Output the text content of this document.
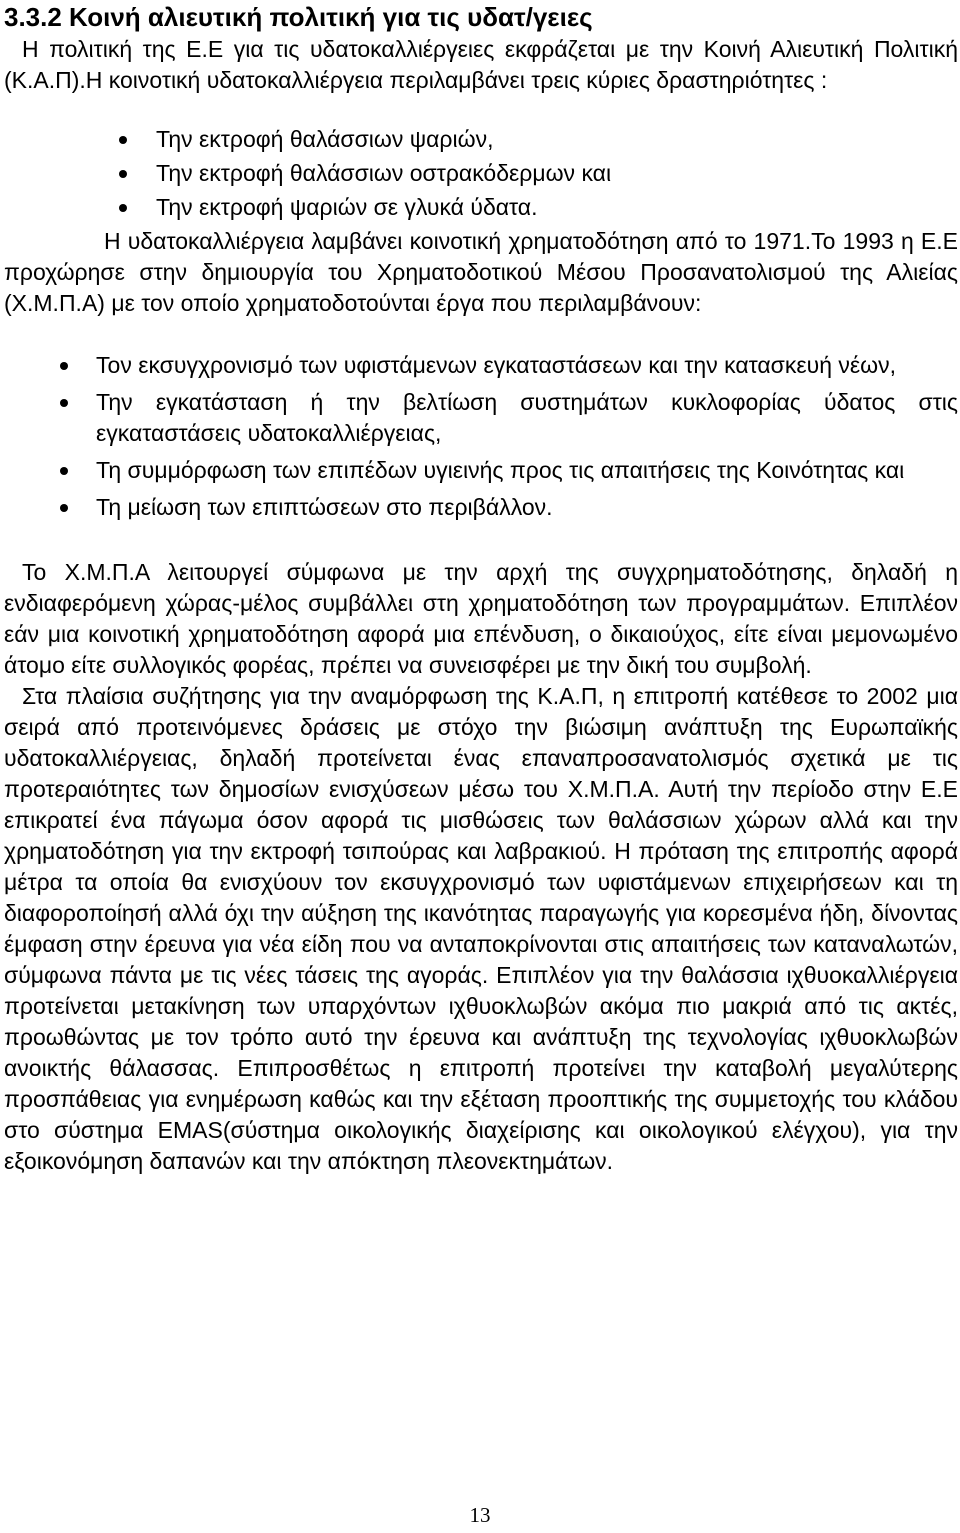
3.3.2 Κοινή αλιευτική πολιτική για τις υδατ/γειες

Η πολιτική της Ε.Ε για τις υδατοκαλλιέργειες εκφράζεται με την Κοινή Αλιευτική Πολιτική (Κ.Α.Π).Η κοινοτική υδατοκαλλιέργεια περιλαμβάνει τρεις κύριες δραστηριότητες :

Την εκτροφή θαλάσσιων ψαριών,
Την εκτροφή θαλάσσιων οστρακόδερμων και
Την εκτροφή ψαριών σε γλυκά ύδατα.

Η υδατοκαλλιέργεια λαμβάνει κοινοτική χρηματοδότηση από το 1971.Το 1993 η Ε.Ε προχώρησε στην δημιουργία του Χρηματοδοτικού Μέσου Προσανατολισμού της Αλιείας (Χ.Μ.Π.Α) με τον οποίο χρηματοδοτούνται έργα που περιλαμβάνουν:

Τον εκσυγχρονισμό των υφιστάμενων εγκαταστάσεων και την κατασκευή νέων,
Την εγκατάσταση ή την βελτίωση συστημάτων κυκλοφορίας ύδατος στις εγκαταστάσεις υδατοκαλλιέργειας,
Τη συμμόρφωση των επιπέδων υγιεινής προς τις απαιτήσεις της Κοινότητας και
Τη μείωση των επιπτώσεων στο περιβάλλον.

Το Χ.Μ.Π.Α λειτουργεί σύμφωνα με την αρχή της συγχρηματοδότησης, δηλαδή η ενδιαφερόμενη χώρας-μέλος συμβάλλει στη χρηματοδότηση των προγραμμάτων. Επιπλέον εάν μια κοινοτική χρηματοδότηση αφορά μια επένδυση, ο δικαιούχος, είτε είναι μεμονωμένο άτομο είτε συλλογικός φορέας, πρέπει να συνεισφέρει με την δική του συμβολή.

Στα πλαίσια συζήτησης για την αναμόρφωση της Κ.Α.Π, η επιτροπή κατέθεσε το 2002 μια σειρά από προτεινόμενες δράσεις με στόχο την βιώσιμη ανάπτυξη της Ευρωπαϊκής υδατοκαλλιέργειας, δηλαδή προτείνεται ένας επαναπροσανατολισμός σχετικά με τις προτεραιότητες των δημοσίων ενισχύσεων μέσω του Χ.Μ.Π.Α. Αυτή την περίοδο στην Ε.Ε επικρατεί ένα πάγωμα όσον αφορά τις μισθώσεις των θαλάσσιων χώρων αλλά και την χρηματοδότηση για την εκτροφή τσιπούρας και λαβρακιού. Η πρόταση της επιτροπής αφορά μέτρα τα οποία θα ενισχύουν τον εκσυγχρονισμό των υφιστάμενων επιχειρήσεων και τη διαφοροποίησή αλλά όχι την αύξηση της ικανότητας παραγωγής για κορεσμένα ήδη, δίνοντας έμφαση στην έρευνα για νέα είδη που να ανταποκρίνονται στις απαιτήσεις των καταναλωτών, σύμφωνα πάντα με τις νέες τάσεις της αγοράς. Επιπλέον για την θαλάσσια ιχθυοκαλλιέργεια προτείνεται μετακίνηση των υπαρχόντων ιχθυοκλωβών ακόμα πιο μακριά από τις ακτές, προωθώντας με τον τρόπο αυτό την έρευνα και ανάπτυξη της τεχνολογίας ιχθυοκλωβών ανοικτής θάλασσας. Επιπροσθέτως η επιτροπή προτείνει την καταβολή μεγαλύτερης προσπάθειας για ενημέρωση καθώς και την εξέταση προοπτικής της συμμετοχής του κλάδου στο σύστημα EMAS(σύστημα οικολογικής διαχείρισης και οικολογικού ελέγχου), για την εξοικονόμηση δαπανών και την απόκτηση πλεονεκτημάτων.

13
